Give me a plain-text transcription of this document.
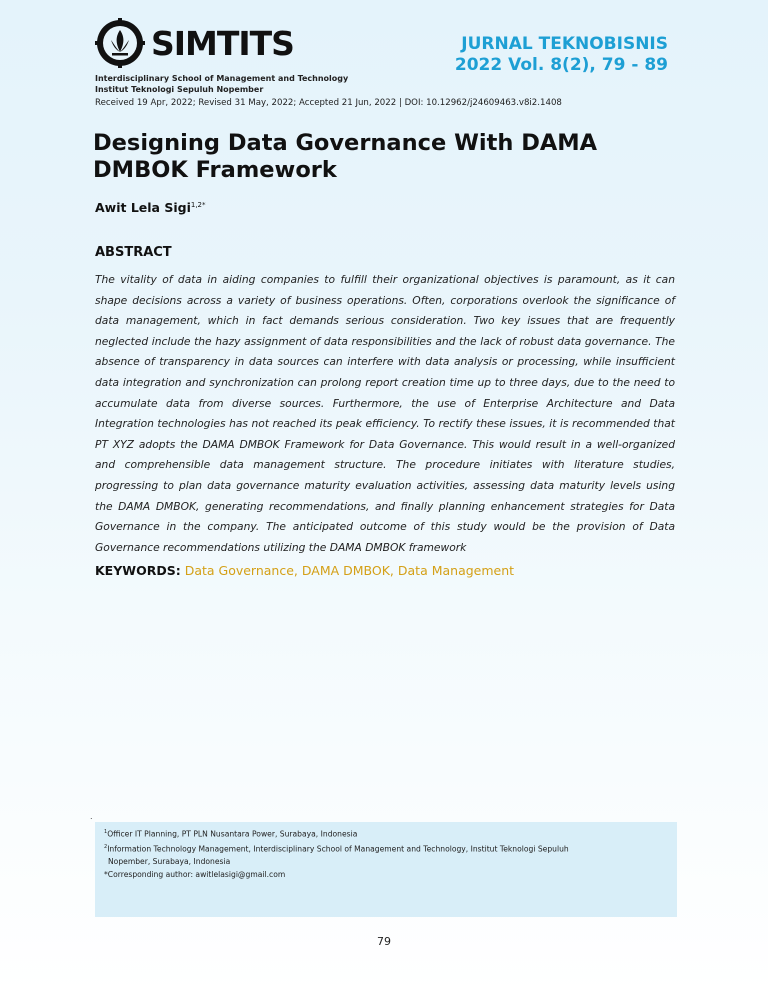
SIMTITS
Interdisciplinary School of Management and Technology
Institut Teknologi Sepuluh Nopember
JURNAL TEKNOBISNIS
2022 Vol. 8(2), 79 - 89
Received 19 Apr, 2022; Revised 31 May, 2022; Accepted 21 Jun, 2022 | DOI: 10.12962/j24609463.v8i2.1408
Designing Data Governance With DAMA DMBOK Framework
Awit Lela Sigi$^{1,2*}$
ABSTRACT

The vitality of data in aiding companies to fulfill their organizational objectives is paramount, as it can shape decisions across a variety of business operations. Often, corporations overlook the significance of data management, which in fact demands serious consideration. Two key issues that are frequently neglected include the hazy assignment of data responsibilities and the lack of robust data governance. The absence of transparency in data sources can interfere with data analysis or processing, while insufficient data integration and synchronization can prolong report creation time up to three days, due to the need to accumulate data from diverse sources. Furthermore, the use of Enterprise Architecture and Data Integration technologies has not reached its peak efficiency. To rectify these issues, it is recommended that PT XYZ adopts the DAMA DMBOK Framework for Data Governance. This would result in a well-organized and comprehensible data management structure. The procedure initiates with literature studies, progressing to plan data governance maturity evaluation activities, assessing data maturity levels using the DAMA DMBOK, generating recommendations, and finally planning enhancement strategies for Data Governance in the company. The anticipated outcome of this study would be the provision of Data Governance recommendations utilizing the DAMA DMBOK framework

KEYWORDS: Data Governance, DAMA DMBOK, Data Management
.
$^1$Officer IT Planning, PT PLN Nusantara Power, Surabaya, Indonesia
$^2$Information Technology Management, Interdisciplinary School of Management and Technology, Institut Teknologi Sepuluh
Nopember, Surabaya, Indonesia
*Corresponding author: awitlelasigi@gmail.com
79
